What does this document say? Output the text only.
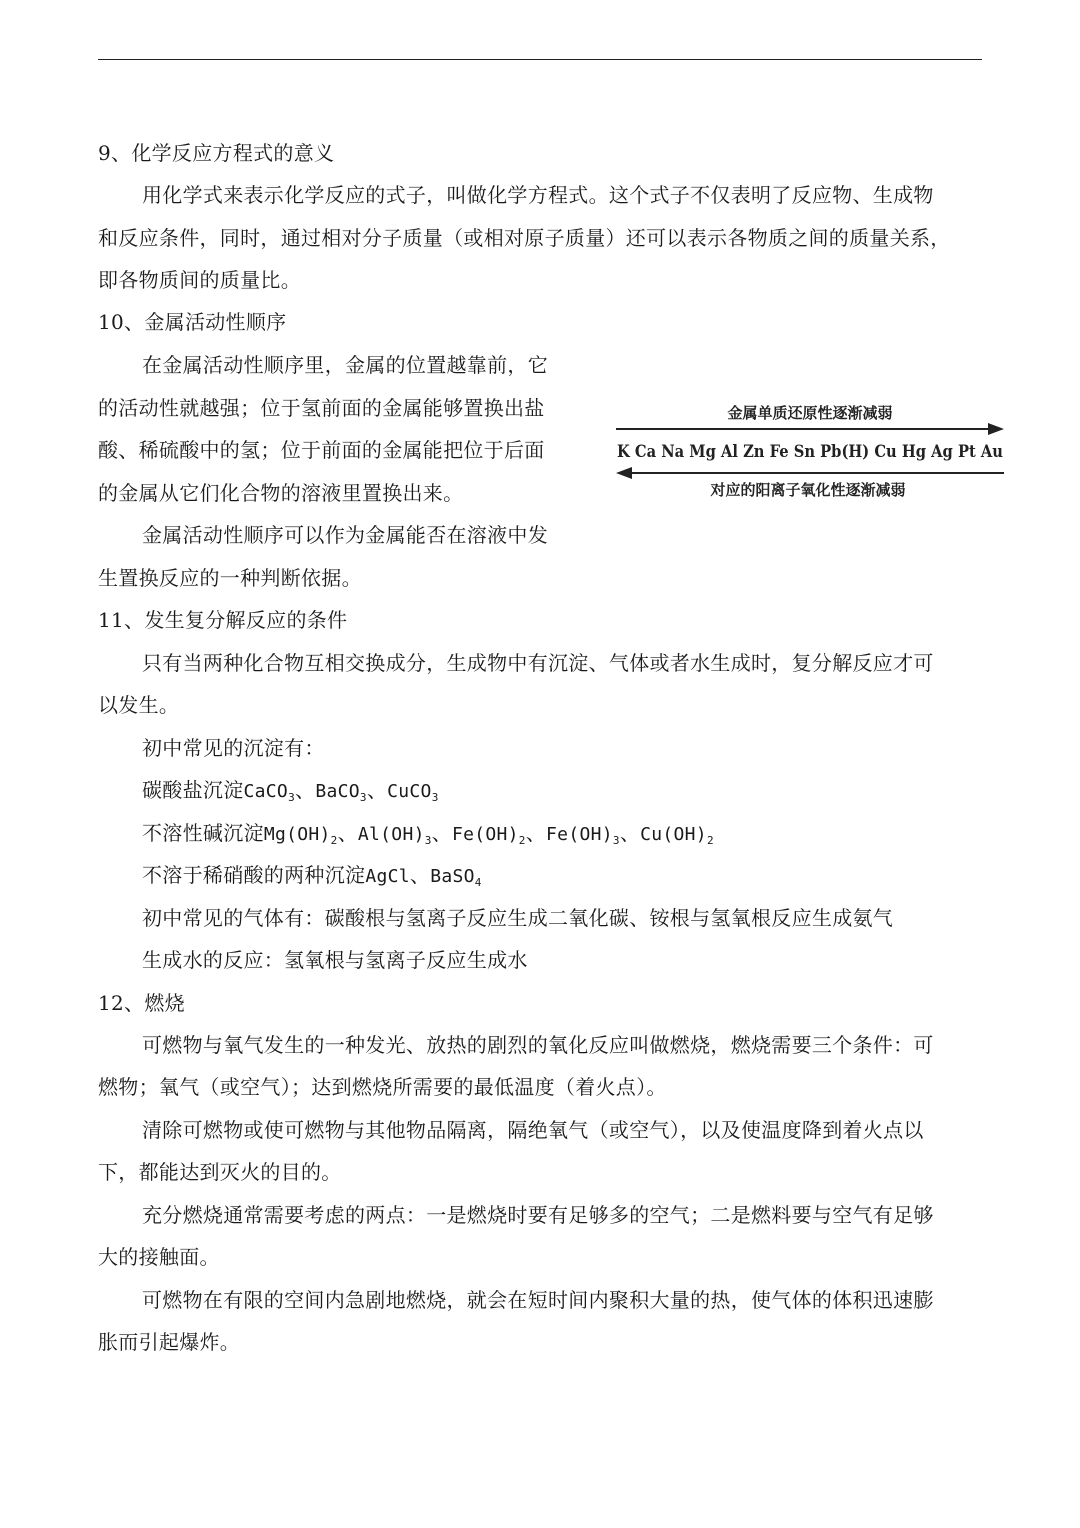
9、化学反应方程式的意义
用化学式来表示化学反应的式子，叫做化学方程式。这个式子不仅表明了反应物、生成物
和反应条件，同时，通过相对分子质量（或相对原子质量）还可以表示各物质之间的质量关系，
即各物质间的质量比。
10、金属活动性顺序
在金属活动性顺序里，金属的位置越靠前，它
的活动性就越强；位于氢前面的金属能够置换出盐
酸、稀硫酸中的氢；位于前面的金属能把位于后面
的金属从它们化合物的溶液里置换出来。
金属活动性顺序可以作为金属能否在溶液中发
生置换反应的一种判断依据。
金属单质还原性逐渐减弱
K Ca Na Mg Al Zn Fe Sn Pb(H) Cu Hg Ag Pt Au
对应的阳离子氧化性逐渐减弱
11、发生复分解反应的条件
只有当两种化合物互相交换成分，生成物中有沉淀、气体或者水生成时，复分解反应才可
以发生。
初中常见的沉淀有：
碳酸盐沉淀CaCO$_3$、BaCO$_3$、CuCO$_3$
不溶性碱沉淀$Mg(OH)_2$、$Al(OH)_3$、$Fe(OH)_2$、$Fe(OH)_3$、$Cu(OH)_2$
不溶于稀硝酸的两种沉淀AgCl、BaSO$_4$
初中常见的气体有：碳酸根与氢离子反应生成二氧化碳、铵根与氢氧根反应生成氨气
生成水的反应：氢氧根与氢离子反应生成水
12、燃烧
可燃物与氧气发生的一种发光、放热的剧烈的氧化反应叫做燃烧，燃烧需要三个条件：可
燃物；氧气（或空气）；达到燃烧所需要的最低温度（着火点）。
清除可燃物或使可燃物与其他物品隔离，隔绝氧气（或空气），以及使温度降到着火点以
下，都能达到灭火的目的。
充分燃烧通常需要考虑的两点：一是燃烧时要有足够多的空气；二是燃料要与空气有足够
大的接触面。
可燃物在有限的空间内急剧地燃烧，就会在短时间内聚积大量的热，使气体的体积迅速膨
胀而引起爆炸。
